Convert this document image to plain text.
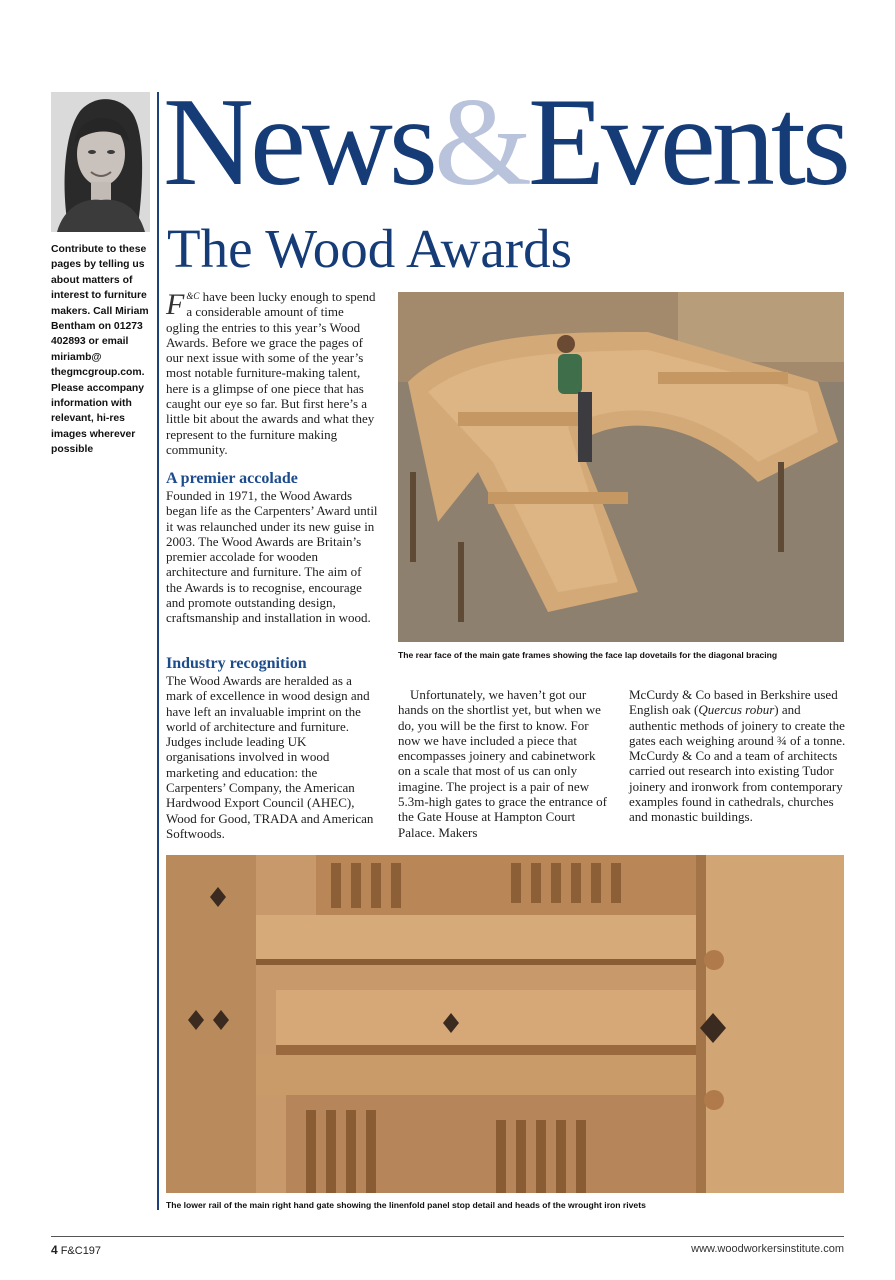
Contribute to these pages by telling us about matters of interest to furniture makers. Call Miriam Bentham on 01273 402893 or email miriamb@ thegmcgroup.com. Please accompany information with relevant, hi-res images wherever possible
News&Events
The Wood Awards

F $^{\&C}$ have been lucky enough to spend a considerable amount of time ogling the entries to this year’s Wood Awards. Before we grace the pages of our next issue with some of the year’s most notable furniture-making talent, here is a glimpse of one piece that has caught our eye so far. But first here’s a little bit about the awards and what they represent to the furniture making community.

A premier accolade
Founded in 1971, the Wood Awards began life as the Carpenters’ Award until it was relaunched under its new guise in 2003. The Wood Awards are Britain’s premier accolade for wooden architecture and furniture. The aim of the Awards is to recognise, encourage and promote outstanding design, craftsmanship and installation in wood.
Industry recognition
The Wood Awards are heralded as a mark of excellence in wood design and have left an invaluable imprint on the world of architecture and furniture. Judges include leading UK organisations involved in wood marketing and education: the Carpenters’ Company, the American Hardwood Export Council (AHEC), Wood for Good, TRADA and American Softwoods.
The rear face of the main gate frames showing the face lap dovetails for the diagonal bracing
Unfortunately, we haven’t got our hands on the shortlist yet, but when we do, you will be the first to know. For now we have included a piece that encompasses joinery and cabinetwork on a scale that most of us can only imagine. The project is a pair of new 5.3m-high gates to grace the entrance of the Gate House at Hampton Court Palace. Makers
McCurdy & Co based in Berkshire used English oak (Quercus robur) and authentic methods of joinery to create the gates each weighing around ¾ of a tonne. McCurdy & Co and a team of architects carried out research into existing Tudor joinery and ironwork from contemporary examples found in cathedrals, churches and monastic buildings.
The lower rail of the main right hand gate showing the linenfold panel stop detail and heads of the wrought iron rivets
4 F&C197	www.woodworkersinstitute.com
